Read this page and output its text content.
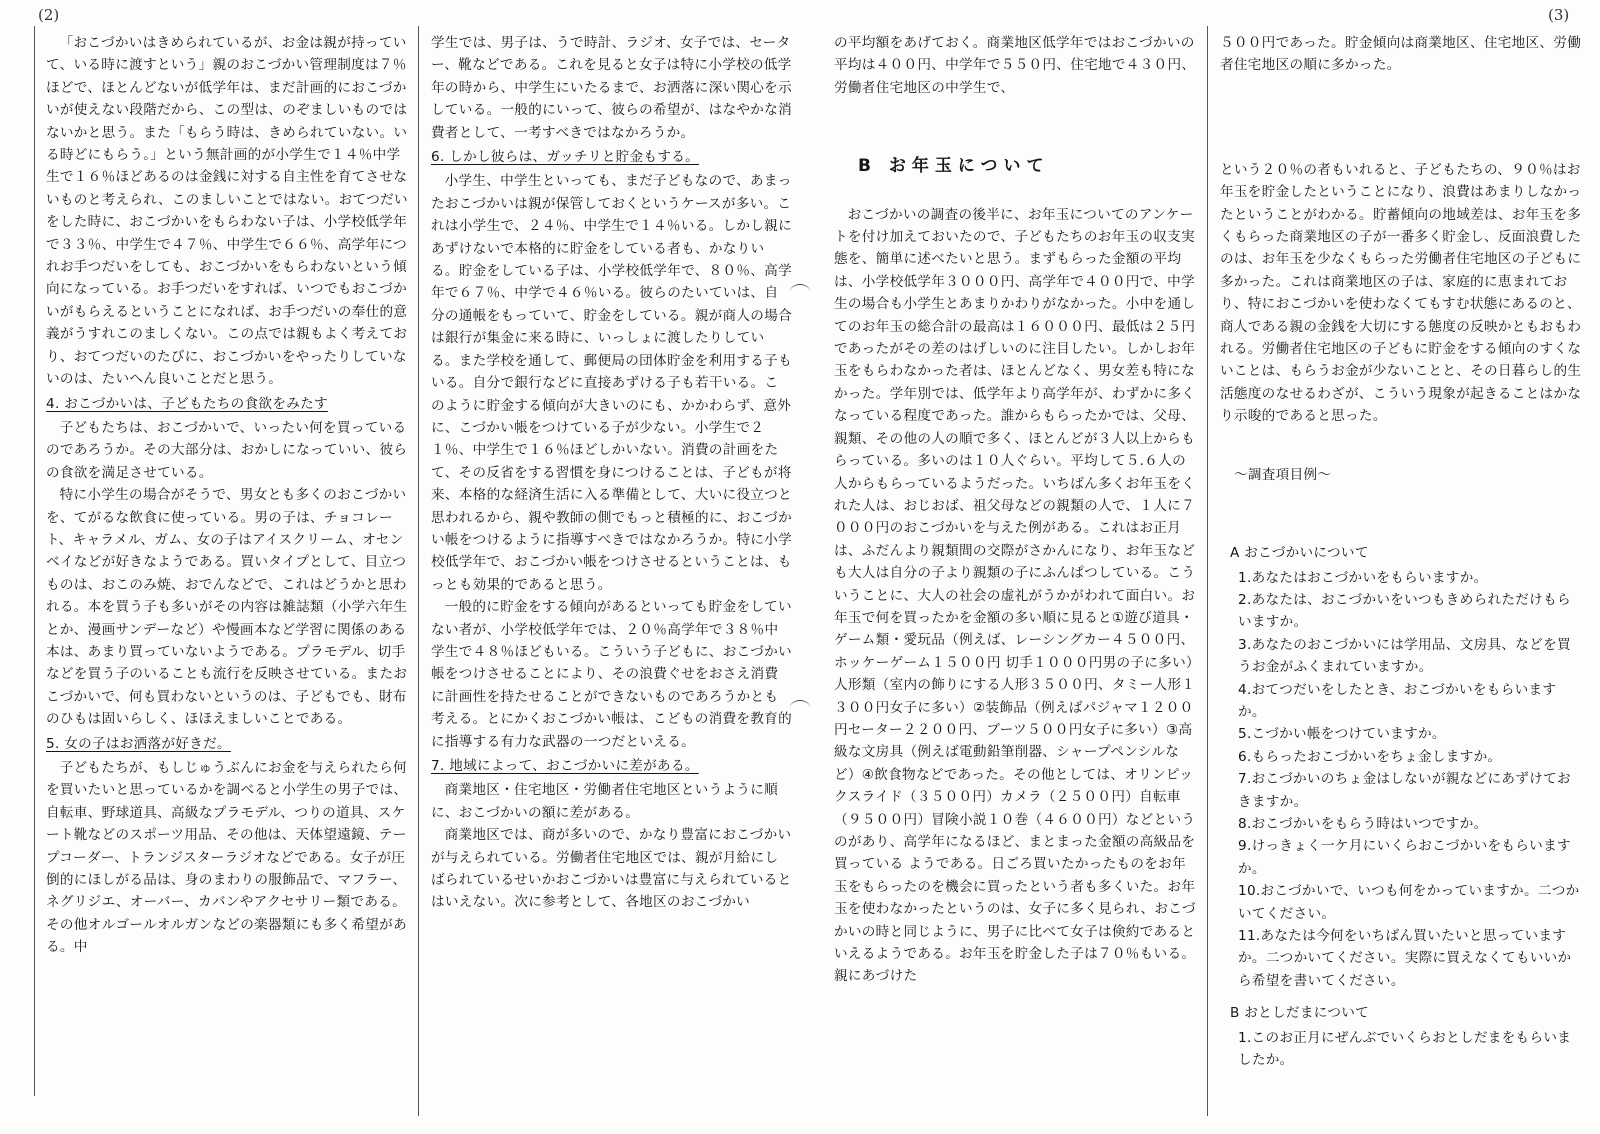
(2)	(3)

「おこづかいはきめられているが、お金は親が持っていて、いる時に渡すという」親のおこづかい管理制度は７％ほどで、ほとんどないが低学年は、まだ計画的におこづかいが使えない段階だから、この型は、のぞましいものではないかと思う。また「もらう時は、きめられていない。いる時どにもらう。」という無計画的が小学生で１４％中学生で１６％ほどあるのは金銭に対する自主性を育てさせないものと考えられ、このましいことではない。おてつだいをした時に、おこづかいをもらわない子は、小学校低学年で３３％、中学生で４７％、中学生で６６％、高学年につれお手つだいをしても、おこづかいをもらわないという傾向になっている。お手つだいをすれば、いつでもおこづかいがもらえるということになれば、お手つだいの奉仕的意義がうすれこのましくない。この点では親もよく考えており、おてつだいのたびに、おこづかいをやったりしていないのは、たいへん良いことだと思う。

4. おこづかいは、子どもたちの食欲をみたす

子どもたちは、おこづかいで、いったい何を買っているのであろうか。その大部分は、おかしになっていい、彼らの食欲を満足させている。

特に小学生の場合がそうで、男女とも多くのおこづかいを、てがるな飲食に使っている。男の子は、チョコレート、キャラメル、ガム、女の子はアイスクリーム、オセンベイなどが好きなようである。買いタイプとして、目立つものは、おこのみ焼、おでんなどで、これはどうかと思われる。本を買う子も多いがその内容は雑誌類（小学六年生とか、漫画サンデーなど）や慢画本など学習に関係のある本は、あまり買っていないようである。プラモデル、切手などを買う子のいることも流行を反映させている。またおこづかいで、何も買わないというのは、子どもでも、財布のひもは固いらしく、ほほえましいことである。

5. 女の子はお洒落が好きだ。

子どもたちが、もしじゅうぶんにお金を与えられたら何を買いたいと思っているかを調べると小学生の男子では、自転車、野球道具、高級なプラモデル、つりの道具、スケート靴などのスポーツ用品、その他は、天体望遠鏡、テープコーダー、トランジスターラジオなどである。女子が圧倒的にほしがる品は、身のまわりの服飾品で、マフラー、ネグリジエ、オーバー、カバンやアクセサリー類である。その他オルゴールオルガンなどの楽器類にも多く希望がある。中

学生では、男子は、うで時計、ラジオ、女子では、セーター、靴などである。これを見ると女子は特に小学校の低学年の時から、中学生にいたるまで、お洒落に深い関心を示している。一般的にいって、彼らの希望が、はなやかな消費者として、一考すべきではなかろうか。

6. しかし彼らは、ガッチリと貯金もする。

小学生、中学生といっても、まだ子どもなので、あまったおこづかいは親が保管しておくというケースが多い。これは小学生で、２４％、中学生で１４％いる。しかし親にあずけないで本格的に貯金をしている者も、かなりいる。貯金をしている子は、小学校低学年で、８０％、高学年で６７％、中学で４６％いる。彼らのたいていは、自分の通帳をもっていて、貯金をしている。親が商人の場合は銀行が集金に来る時に、いっしょに渡したりしている。また学校を通して、郵便局の団体貯金を利用する子もいる。自分で銀行などに直接あずける子も若干いる。このように貯金する傾向が大きいのにも、かかわらず、意外に、こづかい帳をつけている子が少ない。小学生で２１％、中学生で１６％ほどしかいない。消費の計画をたて、その反省をする習慣を身につけることは、子どもが将来、本格的な経済生活に入る準備として、大いに役立つと思われるから、親や教師の側でもっと積極的に、おこづかい帳をつけるように指導すべきではなかろうか。特に小学校低学年で、おこづかい帳をつけさせるということは、もっとも効果的であると思う。

一般的に貯金をする傾向があるといっても貯金をしていない者が、小学校低学年では、２０％高学年で３８％中学生で４８％ほどもいる。こういう子どもに、おこづかい帳をつけさせることにより、その浪費ぐせをおさえ消費に計画性を持たせることができないものであろうかとも考える。とにかくおこづかい帳は、こどもの消費を教育的に指導する有力な武器の一つだといえる。

7. 地域によって、おこづかいに差がある。

商業地区・住宅地区・労働者住宅地区というように順に、おこづかいの額に差がある。

商業地区では、商が多いので、かなり豊富におこづかいが与えられている。労働者住宅地区では、親が月給にしばられているせいかおこづかいは豊富に与えられているとはいえない。次に参考として、各地区のおこづかい

の平均額をあげておく。商業地区低学年ではおこづかいの平均は４００円、中学年で５５０円、住宅地で４３０円、労働者住宅地区の中学生で、

B お年玉について

おこづかいの調査の後半に、お年玉についてのアンケートを付け加えておいたので、子どもたちのお年玉の収支実態を、簡単に述べたいと思う。まずもらった金額の平均は、小学校低学年３０００円、高学年で４００円で、中学生の場合も小学生とあまりかわりがなかった。小中を通してのお年玉の総合計の最高は１６０００円、最低は２５円であったがその差のはげしいのに注目したい。しかしお年玉をもらわなかった者は、ほとんどなく、男女差も特になかった。学年別では、低学年より高学年が、わずかに多くなっている程度であった。誰からもらったかでは、父母、親類、その他の人の順で多く、ほとんどが３人以上からもらっている。多いのは１０人ぐらい。平均して５.６人の人からもらっているようだった。いちばん多くお年玉をくれた人は、おじおば、祖父母などの親類の人で、１人に７０００円のおこづかいを与えた例がある。これはお正月は、ふだんより親類間の交際がさかんになり、お年玉なども大人は自分の子より親類の子にふんぱつしている。こういうことに、大人の社会の虚礼がうかがわれて面白い。お年玉で何を買ったかを金額の多い順に見ると①遊び道具・ゲーム類・愛玩品（例えば、レーシングカー４５００円、ホッケーゲーム１５００円 切手１０００円男の子に多い）人形類（室内の飾りにする人形３５００円、タミー人形１３００円女子に多い）②装飾品（例えばパジャマ１２００円セーター２２００円、ブーツ５００円女子に多い）③高級な文房具（例えば電動鉛筆削器、シャープペンシルなど）④飲食物などであった。その他としては、オリンピックスライド（３５００円）カメラ（２５００円）自転車（９５００円）冒険小説１０巻（４６００円）などというのがあり、高学年になるほど、まとまった金額の高級品を買っている ようである。日ごろ買いたかったものをお年玉をもらったのを機会に買ったという者も多くいた。お年玉を使わなかったというのは、女子に多く見られ、おこづかいの時と同じように、男子に比べて女子は倹約であるといえるようである。お年玉を貯金した子は７０％もいる。親にあづけた

５００円であった。貯金傾向は商業地区、住宅地区、労働者住宅地区の順に多かった。

という２０％の者もいれると、子どもたちの、９０％はお年玉を貯金したということになり、浪費はあまりしなかったということがわかる。貯蓄傾向の地域差は、お年玉を多くもらった商業地区の子が一番多く貯金し、反面浪費したのは、お年玉を少なくもらった労働者住宅地区の子どもに多かった。これは商業地区の子は、家庭的に恵まれており、特におこづかいを使わなくてもすむ状態にあるのと、商人である親の金銭を大切にする態度の反映かともおもわれる。労働者住宅地区の子どもに貯金をする傾向のすくないことは、もらうお金が少ないことと、その日暮らし的生活態度のなせるわざが、こういう現象が起きることはかなり示唆的であると思った。

〜調査項目例〜
A おこづかいについて
1.あなたはおこづかいをもらいますか。
2.あなたは、おこづかいをいつもきめられただけもらいますか。
3.あなたのおこづかいには学用品、文房具、などを買うお金がふくまれていますか。
4.おてつだいをしたとき、おこづかいをもらいますか。
5.こづかい帳をつけていますか。
6.もらったおこづかいをちょ金しますか。
7.おこづかいのちょ金はしないが親などにあずけておきますか。
8.おこづかいをもらう時はいつですか。
9.けっきょく一ケ月にいくらおこづかいをもらいますか。
10.おこづかいで、いつも何をかっていますか。二つかいてください。
11.あなたは今何をいちばん買いたいと思っていますか。二つかいてください。実際に買えなくてもいいから希望を書いてください。
B おとしだまについて
1.このお正月にぜんぶでいくらおとしだまをもらいましたか。
